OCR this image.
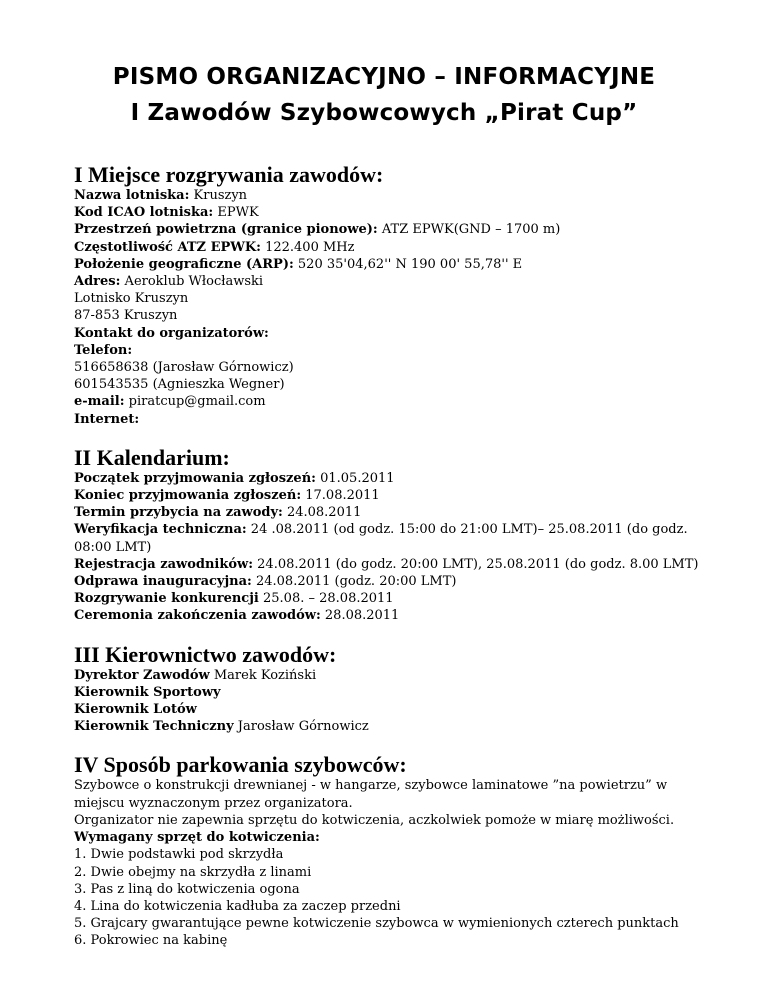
PISMO ORGANIZACYJNO – INFORMACYJNE
I Zawodów Szybowcowych „Pirat Cup”
I Miejsce rozgrywania zawodów:

Nazwa lotniska: Kruszyn

Kod ICAO lotniska: EPWK

Przestrzeń powietrzna (granice pionowe): ATZ EPWK(GND – 1700 m)

Częstotliwość ATZ EPWK: 122.400 MHz

Położenie geograficzne (ARP): 520 35'04,62'' N 190 00' 55,78'' E

Adres: Aeroklub Włocławski

Lotnisko Kruszyn

87-853 Kruszyn

Kontakt do organizatorów:

Telefon:

516658638 (Jarosław Górnowicz)

601543535 (Agnieszka Wegner)

e-mail: piratcup@gmail.com

Internet:

II Kalendarium:

Początek przyjmowania zgłoszeń: 01.05.2011

Koniec przyjmowania zgłoszeń: 17.08.2011

Termin przybycia na zawody: 24.08.2011

Weryfikacja techniczna: 24 .08.2011 (od godz. 15:00 do 21:00 LMT)– 25.08.2011 (do godz. 08:00 LMT)

Rejestracja zawodników: 24.08.2011 (do godz. 20:00 LMT), 25.08.2011 (do godz. 8.00 LMT)

Odprawa inauguracyjna: 24.08.2011 (godz. 20:00 LMT)

Rozgrywanie konkurencji 25.08. – 28.08.2011

Ceremonia zakończenia zawodów: 28.08.2011

III Kierownictwo zawodów:

Dyrektor Zawodów Marek Koziński

Kierownik Sportowy

Kierownik Lotów

Kierownik Techniczny Jarosław Górnowicz

IV Sposób parkowania szybowców:

Szybowce o konstrukcji drewnianej - w hangarze, szybowce laminatowe ”na powietrzu” w miejscu wyznaczonym przez organizatora.

Organizator nie zapewnia sprzętu do kotwiczenia, aczkolwiek pomoże w miarę możliwości.

Wymagany sprzęt do kotwiczenia:

1. Dwie podstawki pod skrzydła

2. Dwie obejmy na skrzydła z linami

3. Pas z liną do kotwiczenia ogona

4. Lina do kotwiczenia kadłuba za zaczep przedni

5. Grajcary gwarantujące pewne kotwiczenie szybowca w wymienionych czterech punktach

6. Pokrowiec na kabinę
